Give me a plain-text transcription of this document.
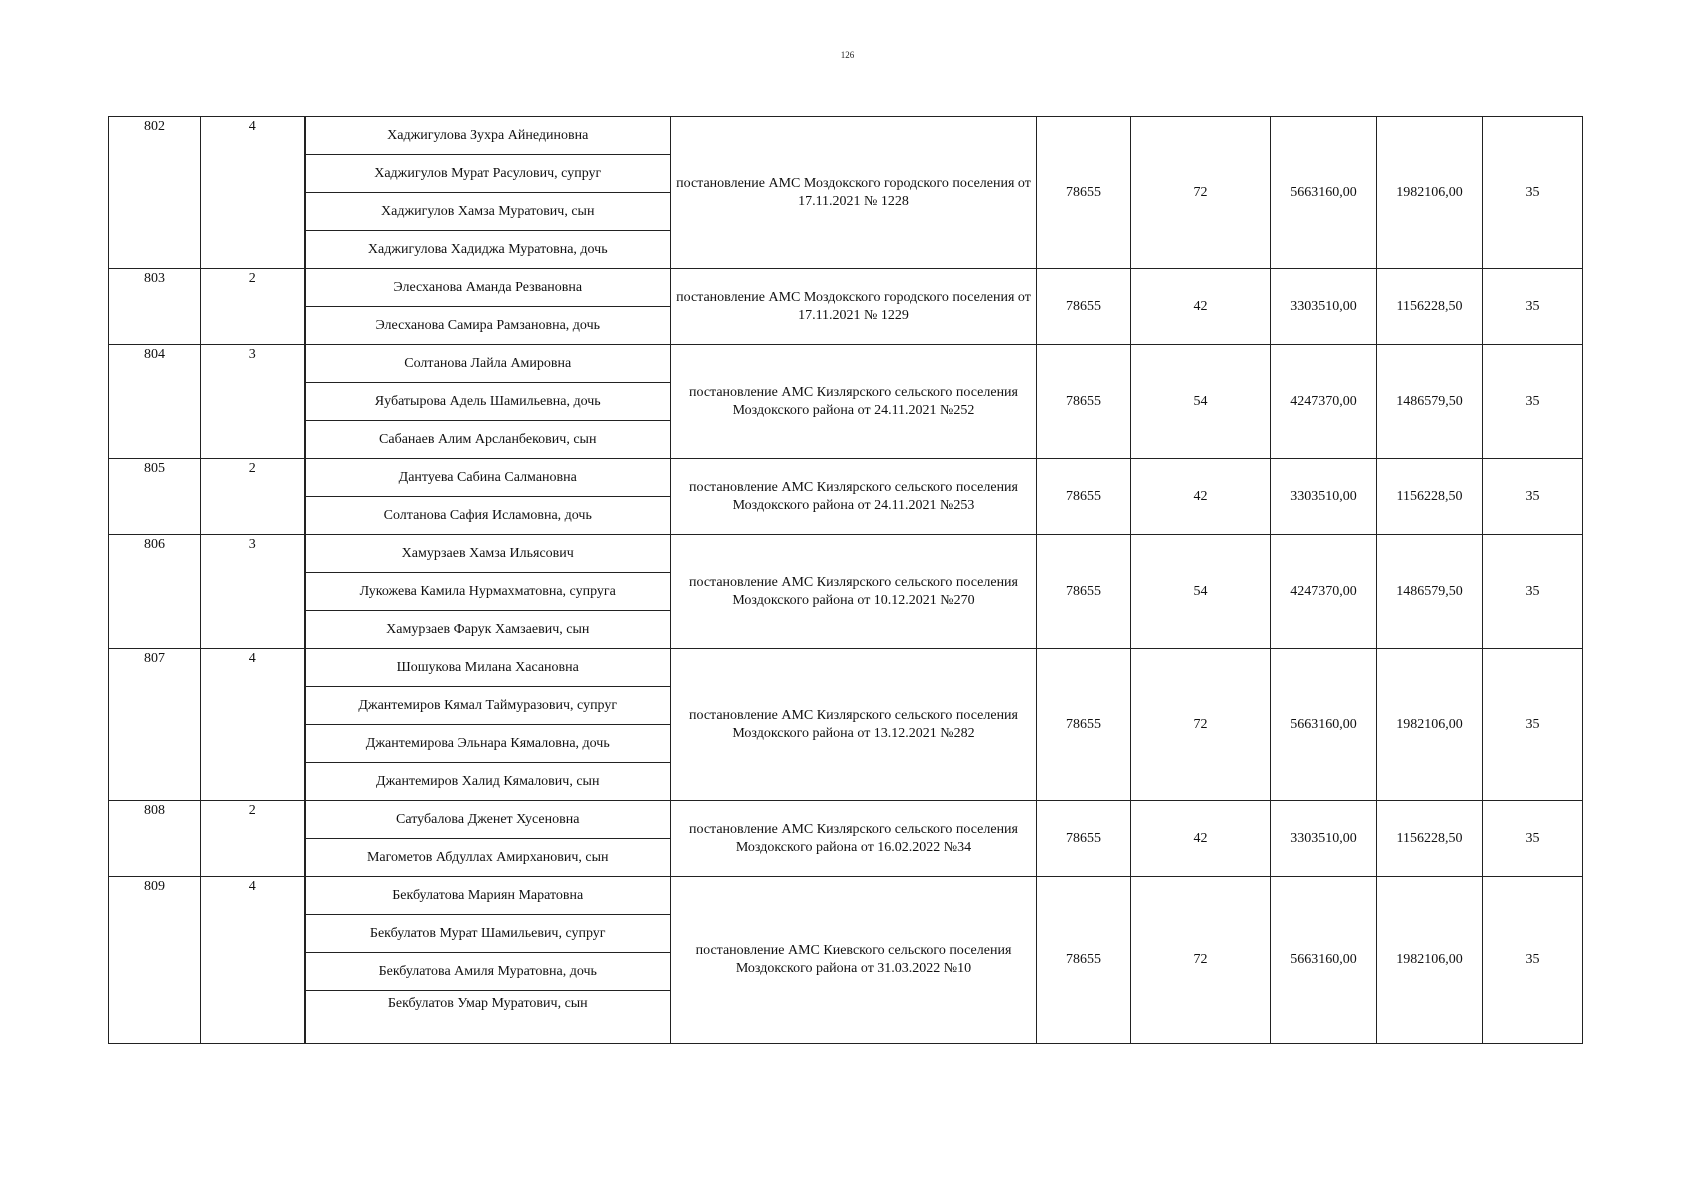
126
802	4	Хаджигулова Зухра Айнединовна	постановление АМС Моздокского городского поселения от 17.11.2021 № 1228	78655	72	5663160,00	1982106,00	35
		Хаджигулов Мурат Расулович, супруг						
		Хаджигулов Хамза Муратович, сын						
		Хаджигулова Хадиджа Муратовна, дочь						
803	2	Элесханова Аманда Резвановна	постановление АМС Моздокского городского поселения от 17.11.2021 № 1229	78655	42	3303510,00	1156228,50	35
		Элесханова Самира Рамзановна, дочь						
804	3	Солтанова Лайла Амировна	постановление АМС Кизлярского сельского поселения Моздокского района от 24.11.2021 №252	78655	54	4247370,00	1486579,50	35
		Яубатырова Адель Шамильевна, дочь						
		Сабанаев Алим Арсланбекович, сын						
805	2	Дантуева Сабина Салмановна	постановление АМС Кизлярского сельского поселения Моздокского района от 24.11.2021 №253	78655	42	3303510,00	1156228,50	35
		Солтанова Сафия Исламовна, дочь						
806	3	Хамурзаев Хамза Ильясович	постановление АМС Кизлярского сельского поселения Моздокского района от 10.12.2021 №270	78655	54	4247370,00	1486579,50	35
		Лукожева Камила Нурмахматовна, супруга						
		Хамурзаев Фарук Хамзаевич, сын						
807	4	Шошукова Милана Хасановна	постановление АМС Кизлярского сельского поселения Моздокского района от 13.12.2021 №282	78655	72	5663160,00	1982106,00	35
		Джантемиров Кямал Таймуразович, супруг						
		Джантемирова Эльнара Кямаловна, дочь						
		Джантемиров Халид Кямалович, сын						
808	2	Сатубалова Дженет Хусеновна	постановление АМС Кизлярского сельского поселения Моздокского района от 16.02.2022 №34	78655	42	3303510,00	1156228,50	35
		Магометов Абдуллах Амирханович, сын						
809	4	Бекбулатова Мариян Маратовна	постановление АМС Киевского сельского поселения Моздокского района от 31.03.2022 №10	78655	72	5663160,00	1982106,00	35
		Бекбулатов Мурат Шамильевич, супруг						
		Бекбулатова Амиля Муратовна, дочь						
		Бекбулатов Умар Муратович, сын						
